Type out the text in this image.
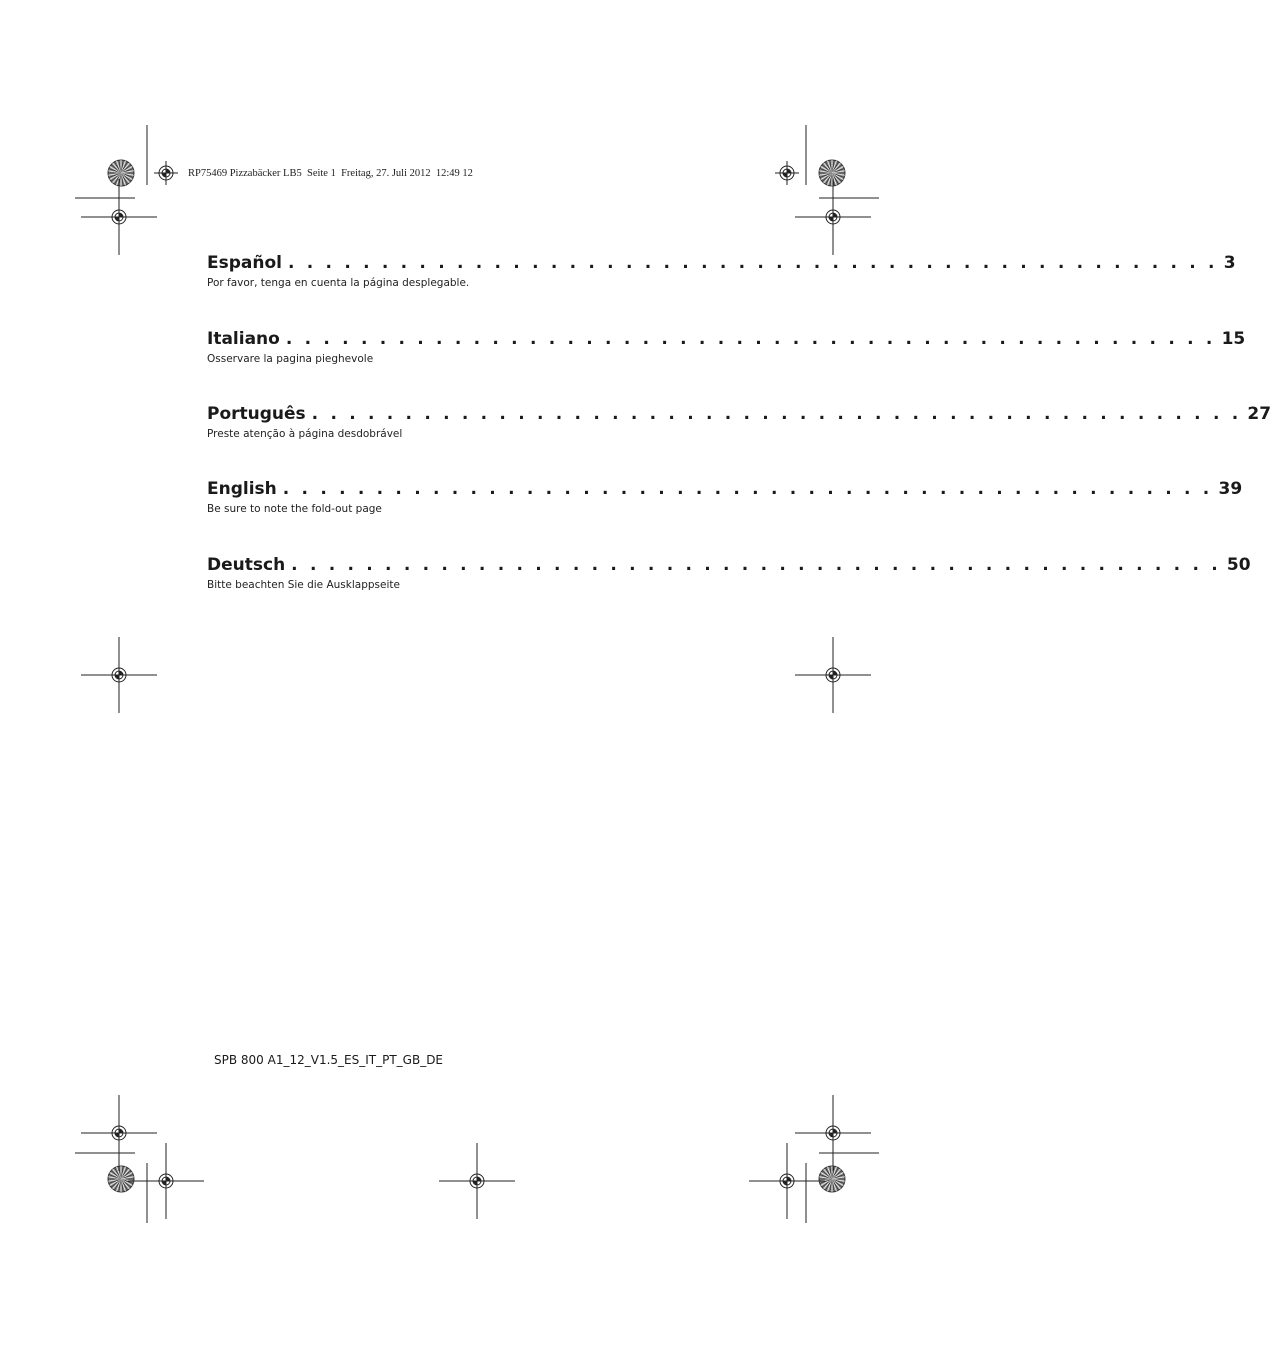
RP75469 Pizzabäcker LB5  Seite 1  Freitag, 27. Juli 2012  12:49 12
Español . . . . . . . . . . . . . . . . . . . . . . . . . . . . . . . . . . . . . . . . . . . . . . . . . . 3
Por favor, tenga en cuenta la página desplegable.
Italiano . . . . . . . . . . . . . . . . . . . . . . . . . . . . . . . . . . . . . . . . . . . . . . . . . . 15
Osservare la pagina pieghevole
Português . . . . . . . . . . . . . . . . . . . . . . . . . . . . . . . . . . . . . . . . . . . . . . . . . . 27
Preste atenção à página desdobrável
English . . . . . . . . . . . . . . . . . . . . . . . . . . . . . . . . . . . . . . . . . . . . . . . . . . 39
Be sure to note the fold-out page
Deutsch . . . . . . . . . . . . . . . . . . . . . . . . . . . . . . . . . . . . . . . . . . . . . . . . . . 50
Bitte beachten Sie die Ausklappseite
SPB 800 A1_12_V1.5_ES_IT_PT_GB_DE
